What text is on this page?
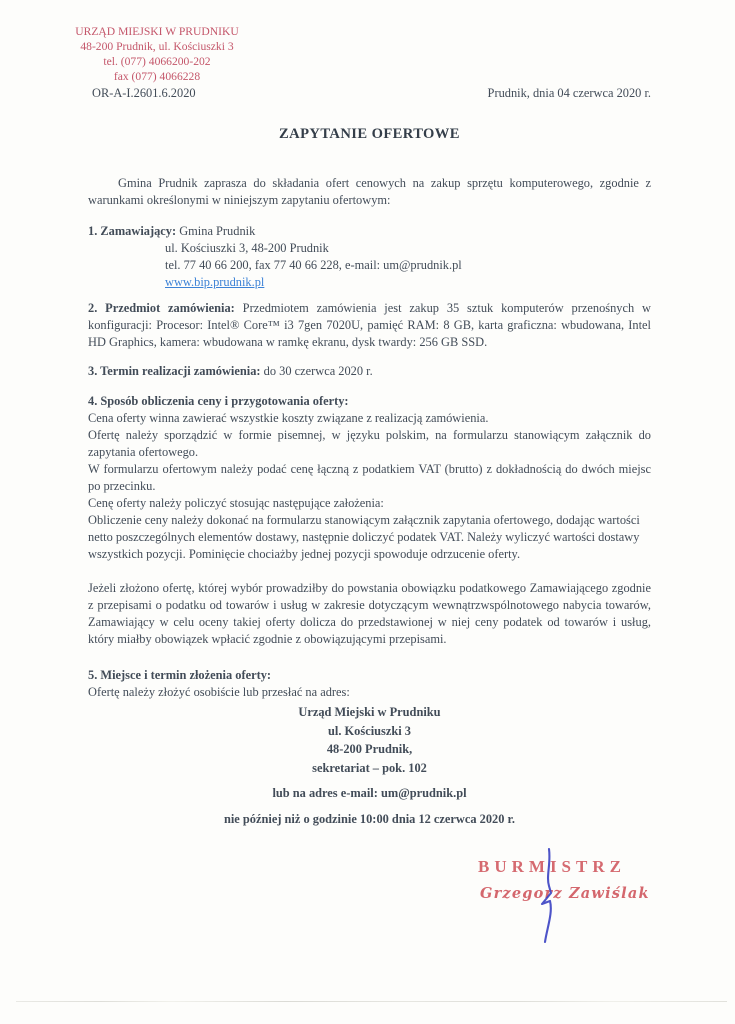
URZĄD MIEJSKI W PRUDNIKU
48-200 Prudnik, ul. Kościuszki 3
tel. (077) 4066200-202
fax (077) 4066228
OR-A-I.2601.6.2020	Prudnik, dnia 04 czerwca 2020 r.
ZAPYTANIE OFERTOWE

Gmina Prudnik zaprasza do składania ofert cenowych na zakup sprzętu komputerowego, zgodnie z warunkami określonymi w niniejszym zapytaniu ofertowym:

1. Zamawiający: Gmina Prudnik

ul. Kościuszki 3, 48-200 Prudnik

tel. 77 40 66 200, fax 77 40 66 228, e-mail: um@prudnik.pl

www.bip.prudnik.pl

2. Przedmiot zamówienia: Przedmiotem zamówienia jest zakup 35 sztuk komputerów przenośnych w konfiguracji: Procesor: Intel® Core™ i3 7gen 7020U, pamięć RAM: 8 GB, karta graficzna: wbudowana, Intel HD Graphics, kamera: wbudowana w ramkę ekranu, dysk twardy: 256 GB SSD.

3. Termin realizacji zamówienia: do 30 czerwca 2020 r.

4. Sposób obliczenia ceny i przygotowania oferty:

Cena oferty winna zawierać wszystkie koszty związane z realizacją zamówienia.

Ofertę należy sporządzić w formie pisemnej, w języku polskim, na formularzu stanowiącym załącznik do zapytania ofertowego.

W formularzu ofertowym należy podać cenę łączną z podatkiem VAT (brutto) z dokładnością do dwóch miejsc po przecinku.

Cenę oferty należy policzyć stosując następujące założenia:

Obliczenie ceny należy dokonać na formularzu stanowiącym załącznik zapytania ofertowego, dodając wartości netto poszczególnych elementów dostawy, następnie doliczyć podatek VAT. Należy wyliczyć wartości dostawy wszystkich pozycji. Pominięcie chociażby jednej pozycji spowoduje odrzucenie oferty.

Jeżeli złożono ofertę, której wybór prowadziłby do powstania obowiązku podatkowego Zamawiającego zgodnie z przepisami o podatku od towarów i usług w zakresie dotyczącym wewnątrzwspólnotowego nabycia towarów, Zamawiający w celu oceny takiej oferty dolicza do przedstawionej w niej ceny podatek od towarów i usług, który miałby obowiązek wpłacić zgodnie z obowiązującymi przepisami.

5. Miejsce i termin złożenia oferty:

Ofertę należy złożyć osobiście lub przesłać na adres:

Urząd Miejski w Prudniku

ul. Kościuszki 3

48-200 Prudnik,

sekretariat – pok. 102

lub na adres e-mail: um@prudnik.pl

nie później niż o godzinie 10:00 dnia 12 czerwca 2020 r.

BURMISTRZ
Grzegorz Zawiślak
